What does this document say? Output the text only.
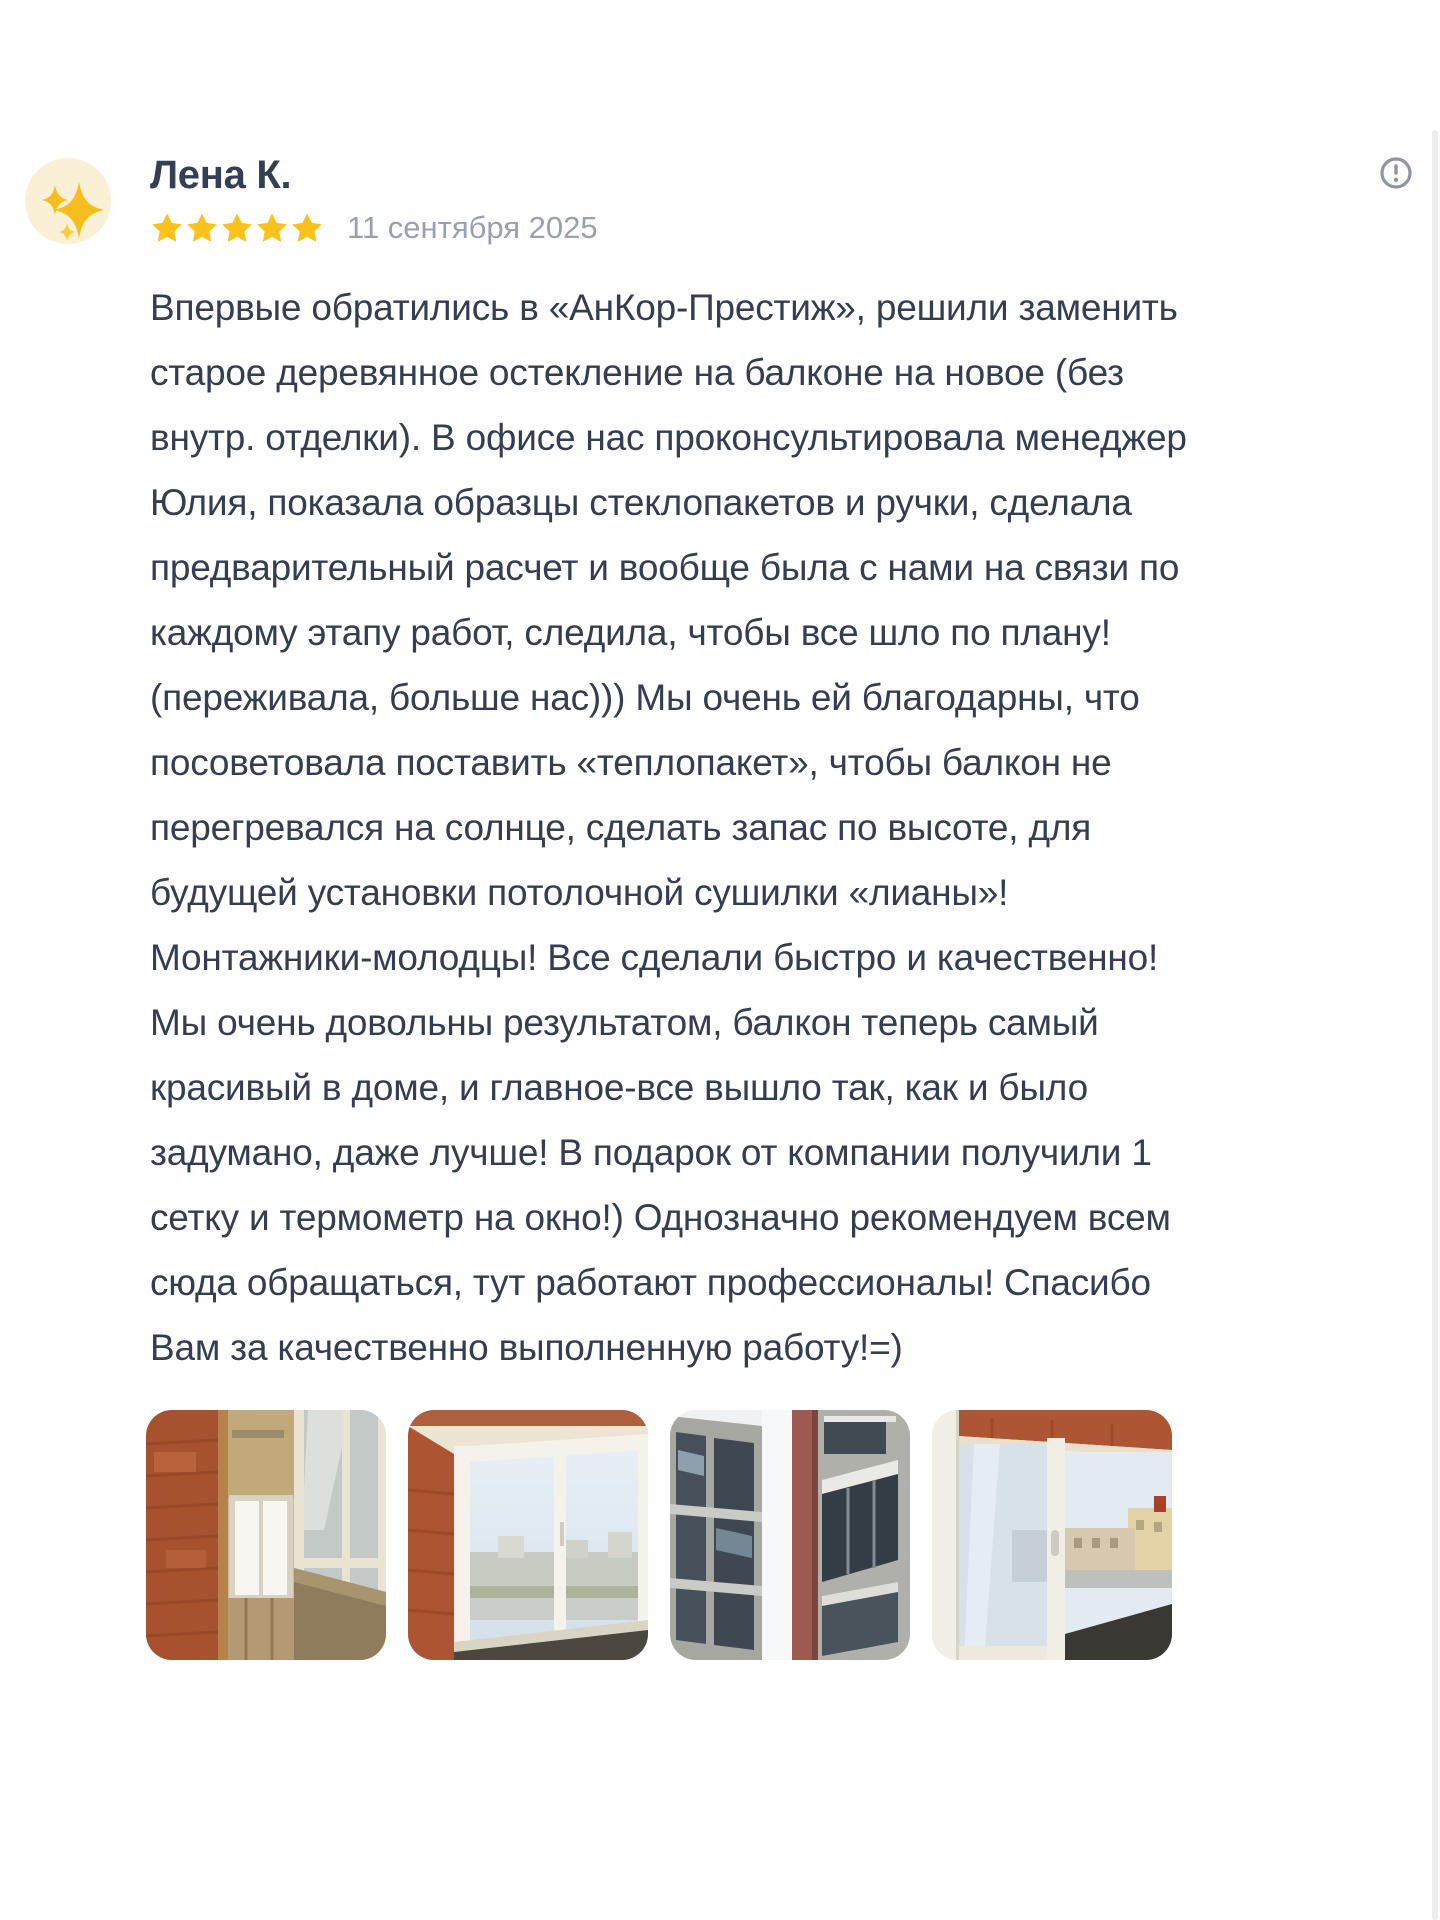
Лена К.
11 сентября 2025
Впервые обратились в «АнКор-Престиж», решили заменить старое деревянное остекление на балконе на новое (без внутр. отделки). В офисе нас проконсультировала менеджер Юлия, показала образцы стеклопакетов и ручки, сделала предварительный расчет и вообще была с нами на связи по каждому этапу работ, следила, чтобы все шло по плану! (переживала, больше нас))) Мы очень ей благодарны, что посоветовала поставить «теплопакет», чтобы балкон не перегревался на солнце, сделать запас по высоте, для будущей установки потолочной сушилки «лианы»! Монтажники-молодцы! Все сделали быстро и качественно! Мы очень довольны результатом, балкон теперь самый красивый в доме, и главное-все вышло так, как и было задумано, даже лучше! В подарок от компании получили 1 сетку и термометр на окно!) Однозначно рекомендуем всем сюда обращаться, тут работают профессионалы! Спасибо Вам за качественно выполненную работу!=)
